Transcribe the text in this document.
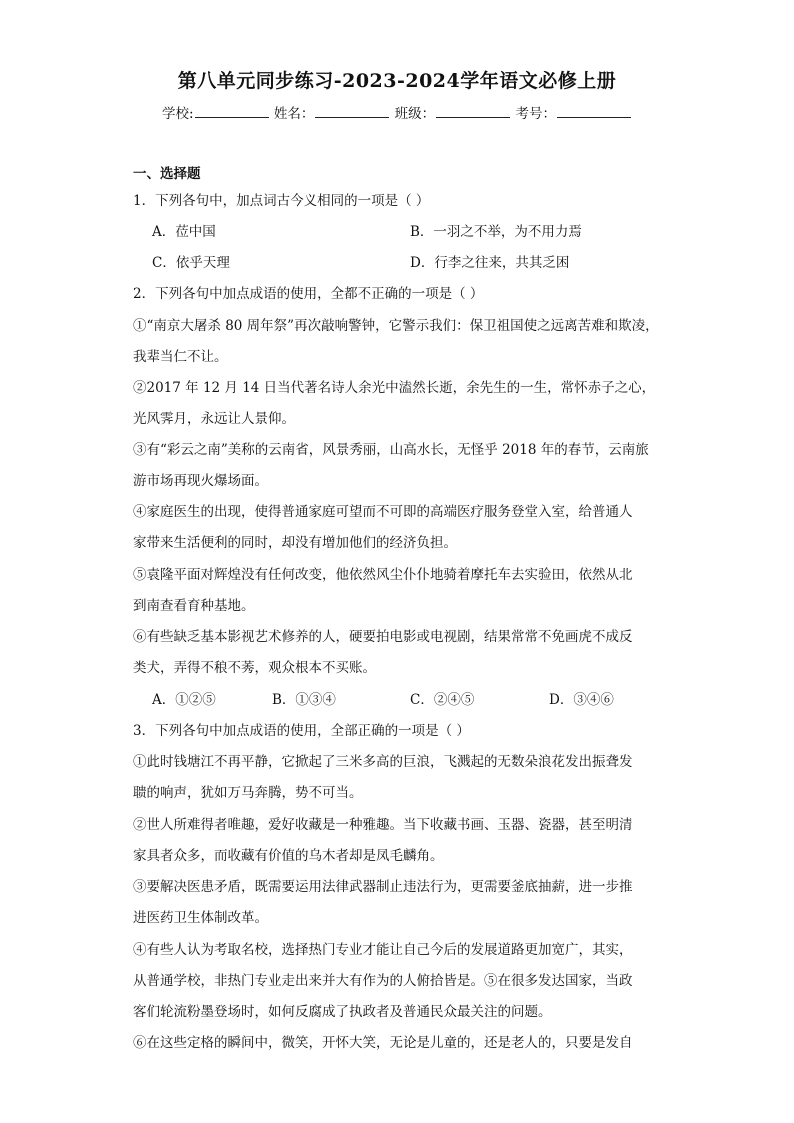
第八单元同步练习-2023-2024学年语文必修上册
学校:	姓名：	班级：	考号：
一、选择题
1．下列各句中，加点词古今义相同的一项是（ ）
A．莅中国	B．一羽之不举，为不用力焉
C．依乎天理	D．行李之往来，共其乏困
2．下列各句中加点成语的使用，全都不正确的一项是（ ）
①“南京大屠杀 80 周年祭”再次敲响警钟，它警示我们：保卫祖国使之远离苦难和欺凌，
我辈当仁不让。
②2017 年 12 月 14 日当代著名诗人余光中溘然长逝，余先生的一生，常怀赤子之心，
光风霁月，永远让人景仰。
③有“彩云之南”美称的云南省，风景秀丽，山高水长，无怪乎 2018 年的春节，云南旅
游市场再现火爆场面。
④家庭医生的出现，使得普通家庭可望而不可即的高端医疗服务登堂入室，给普通人
家带来生活便利的同时，却没有增加他们的经济负担。
⑤袁隆平面对辉煌没有任何改变，他依然风尘仆仆地骑着摩托车去实验田，依然从北
到南查看育种基地。
⑥有些缺乏基本影视艺术修养的人，硬要拍电影或电视剧，结果常常不免画虎不成反
类犬，弄得不稂不莠，观众根本不买账。
A．①②⑤	B．①③④	C．②④⑤	D．③④⑥
3．下列各句中加点成语的使用，全部正确的一项是（ ）
①此时钱塘江不再平静，它掀起了三米多高的巨浪，飞溅起的无数朵浪花发出振聋发
聩的响声，犹如万马奔腾，势不可当。
②世人所难得者唯趣，爱好收藏是一种雅趣。当下收藏书画、玉器、瓷器，甚至明清
家具者众多，而收藏有价值的乌木者却是凤毛麟角。
③要解决医患矛盾，既需要运用法律武器制止违法行为，更需要釜底抽薪，进一步推
进医药卫生体制改革。
④有些人认为考取名校，选择热门专业才能让自己今后的发展道路更加宽广，其实，
从普通学校，非热门专业走出来并大有作为的人俯拾皆是。⑤在很多发达国家，当政
客们轮流粉墨登场时，如何反腐成了执政者及普通民众最关注的问题。
⑥在这些定格的瞬间中，微笑，开怀大笑，无论是儿童的，还是老人的，只要是发自
